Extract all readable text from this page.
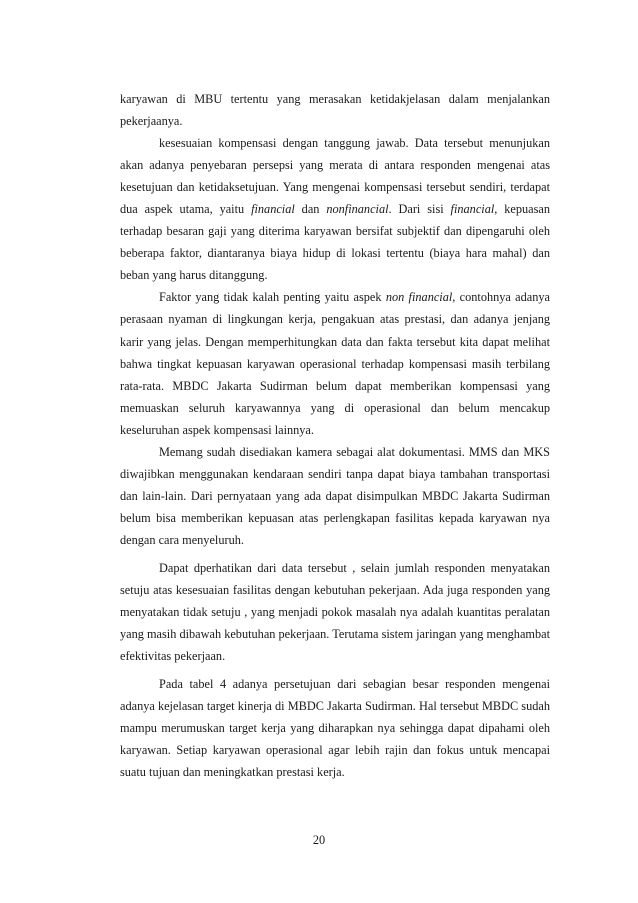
karyawan di MBU tertentu yang merasakan ketidakjelasan dalam menjalankan pekerjaanya.

kesesuaian kompensasi dengan tanggung jawab. Data tersebut menunjukan akan adanya penyebaran persepsi yang merata di antara responden mengenai atas kesetujuan dan ketidaksetujuan. Yang mengenai kompensasi tersebut sendiri, terdapat dua aspek utama, yaitu financial dan nonfinancial. Dari sisi financial, kepuasan terhadap besaran gaji yang diterima karyawan bersifat subjektif dan dipengaruhi oleh beberapa faktor, diantaranya biaya hidup di lokasi tertentu (biaya hara mahal) dan beban yang harus ditanggung.

Faktor yang tidak kalah penting yaitu aspek non financial, contohnya adanya perasaan nyaman di lingkungan kerja, pengakuan atas prestasi, dan adanya jenjang karir yang jelas. Dengan memperhitungkan data dan fakta tersebut kita dapat melihat bahwa tingkat kepuasan karyawan operasional terhadap kompensasi masih terbilang rata-rata. MBDC Jakarta Sudirman belum dapat memberikan kompensasi yang memuaskan seluruh karyawannya yang di operasional dan belum mencakup keseluruhan aspek kompensasi lainnya.

Memang sudah disediakan kamera sebagai alat dokumentasi. MMS dan MKS diwajibkan menggunakan kendaraan sendiri tanpa dapat biaya tambahan transportasi dan lain-lain. Dari pernyataan yang ada dapat disimpulkan MBDC Jakarta Sudirman belum bisa memberikan kepuasan atas perlengkapan fasilitas kepada karyawan nya dengan cara menyeluruh.

Dapat dperhatikan dari data tersebut , selain jumlah responden menyatakan setuju atas kesesuaian fasilitas dengan kebutuhan pekerjaan. Ada juga responden yang menyatakan tidak setuju , yang menjadi pokok masalah nya adalah kuantitas peralatan yang masih dibawah kebutuhan pekerjaan. Terutama sistem jaringan yang menghambat efektivitas pekerjaan.

Pada tabel 4 adanya persetujuan dari sebagian besar responden mengenai adanya kejelasan target kinerja di MBDC Jakarta Sudirman. Hal tersebut MBDC sudah mampu merumuskan target kerja yang diharapkan nya sehingga dapat dipahami oleh karyawan. Setiap karyawan operasional agar lebih rajin dan fokus untuk mencapai suatu tujuan dan meningkatkan prestasi kerja.

20
